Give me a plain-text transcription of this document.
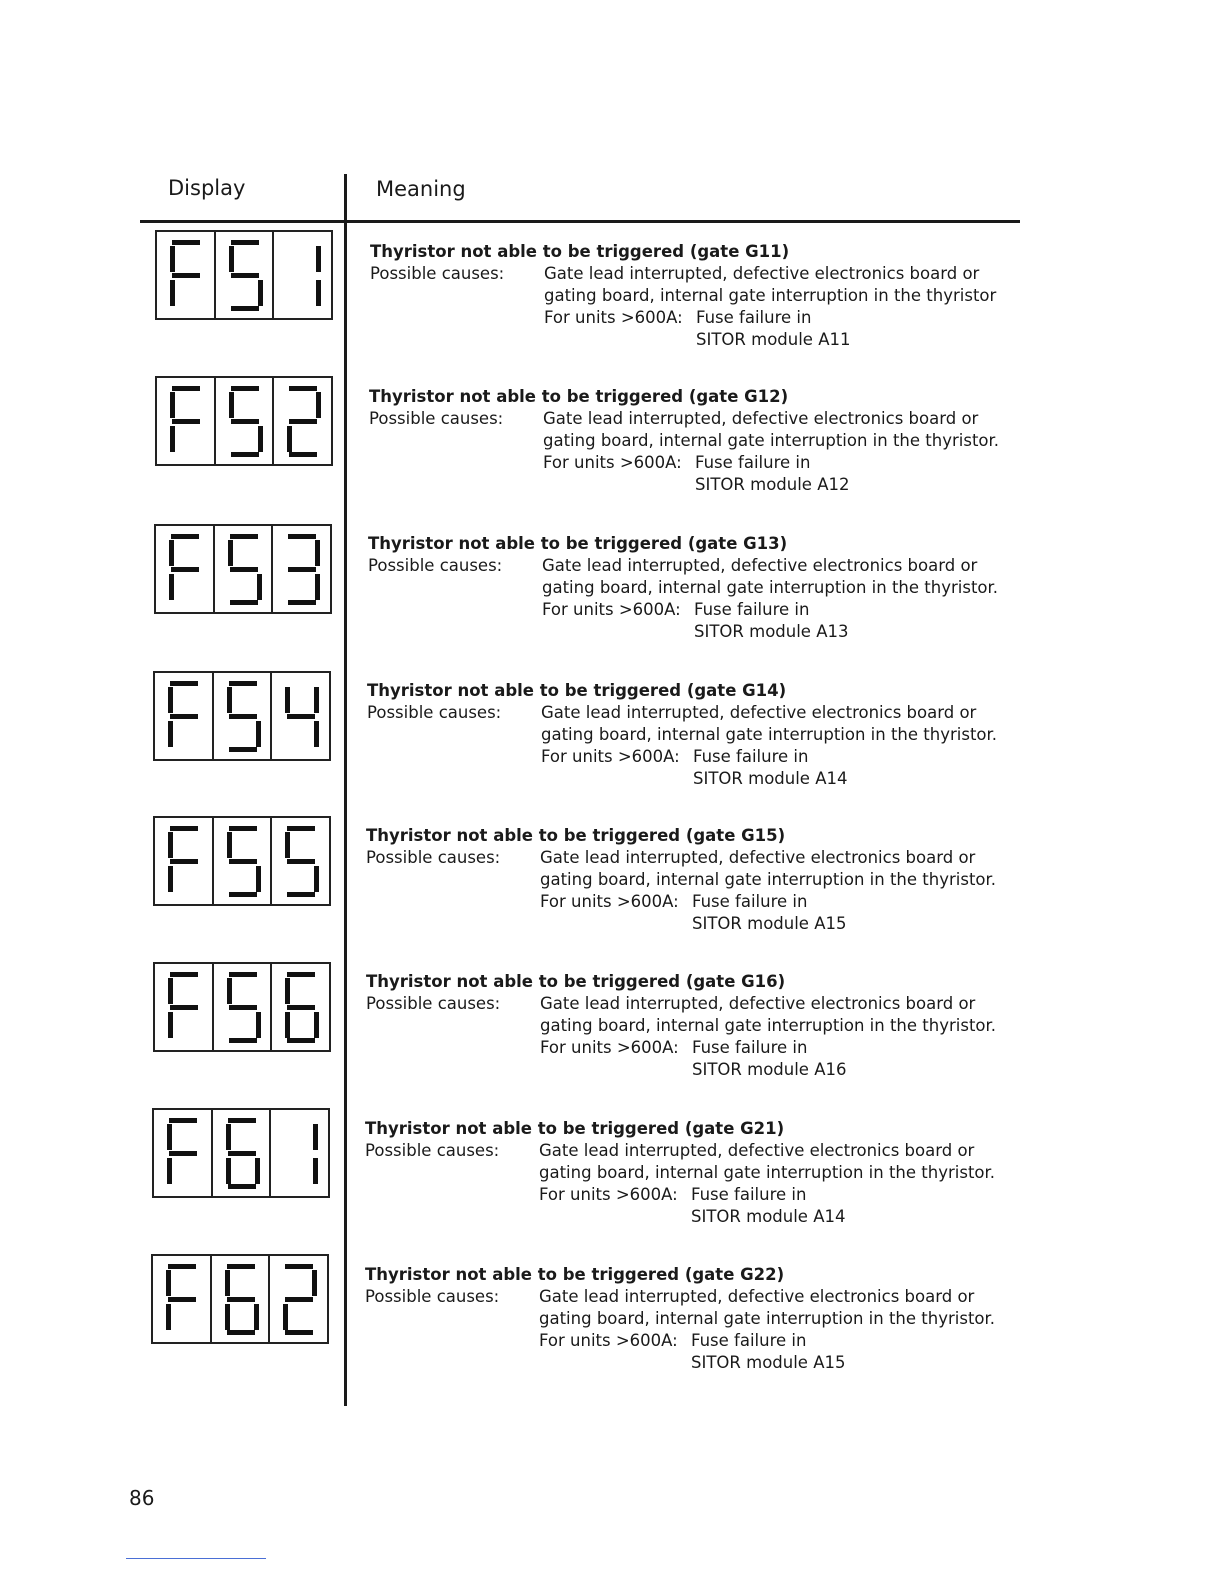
Display	Meaning
Thyristor not able to be triggered (gate G11)
Possible causes:	Gate lead interrupted, defective electronics board or gating board, internal gate interruption in the thyristor
For units >600A: Fuse failure in
SITOR module A11
Thyristor not able to be triggered (gate G12)
Possible causes:	Gate lead interrupted, defective electronics board or gating board, internal gate interruption in the thyristor.
For units >600A: Fuse failure in
SITOR module A12
Thyristor not able to be triggered (gate G13)
Possible causes:	Gate lead interrupted, defective electronics board or gating board, internal gate interruption in the thyristor.
For units >600A: Fuse failure in
SITOR module A13
Thyristor not able to be triggered (gate G14)
Possible causes:	Gate lead interrupted, defective electronics board or gating board, internal gate interruption in the thyristor.
For units >600A: Fuse failure in
SITOR module A14
Thyristor not able to be triggered (gate G15)
Possible causes:	Gate lead interrupted, defective electronics board or gating board, internal gate interruption in the thyristor.
For units >600A: Fuse failure in
SITOR module A15
Thyristor not able to be triggered (gate G16)
Possible causes:	Gate lead interrupted, defective electronics board or gating board, internal gate interruption in the thyristor.
For units >600A: Fuse failure in
SITOR module A16
Thyristor not able to be triggered (gate G21)
Possible causes:	Gate lead interrupted, defective electronics board or gating board, internal gate interruption in the thyristor.
For units >600A: Fuse failure in
SITOR module A14
Thyristor not able to be triggered (gate G22)
Possible causes:	Gate lead interrupted, defective electronics board or gating board, internal gate interruption in the thyristor.
For units >600A: Fuse failure in
SITOR module A15
86
